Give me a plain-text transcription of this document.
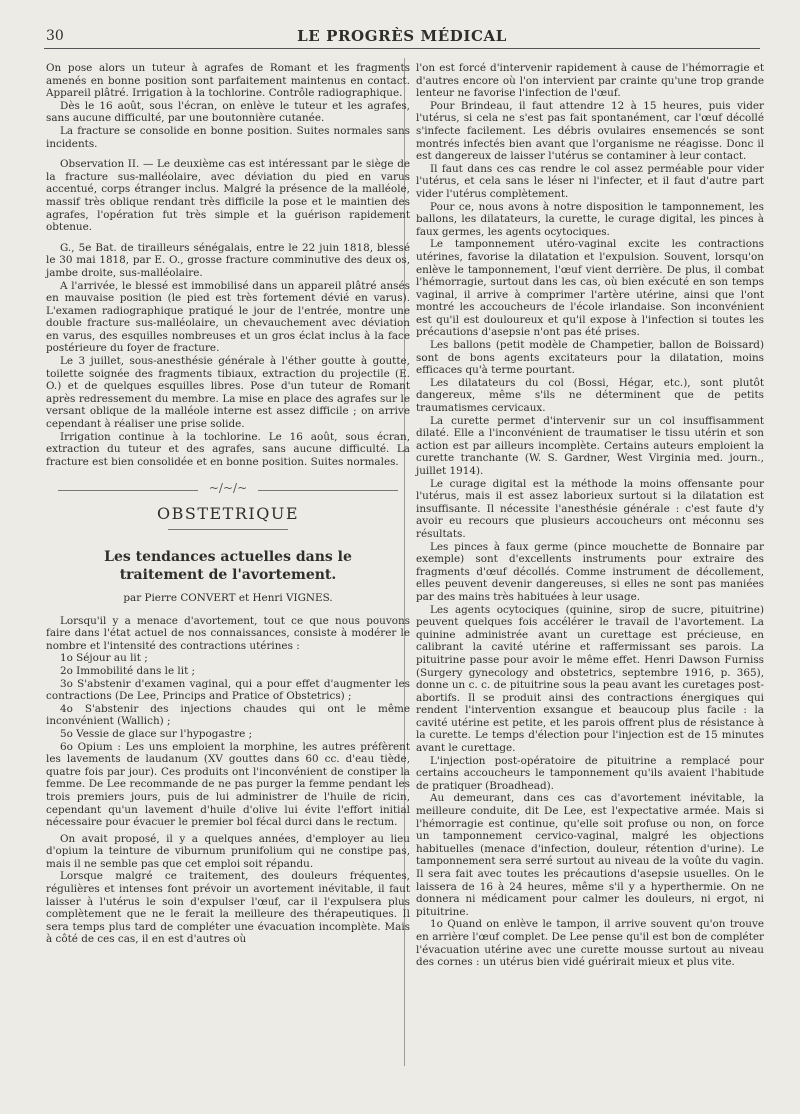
30	LE PROGRÈS MÉDICAL

On pose alors un tuteur à agrafes de Romant et les fragments amenés en bonne position sont parfaitement maintenus en contact. Appareil plâtré. Irrigation à la tochlorine. Contrôle radiographique.

Dès le 16 août, sous l'écran, on enlève le tuteur et les agrafes, sans aucune difficulté, par une boutonnière cutanée.

La fracture se consolide en bonne position. Suites normales sans incidents.

Observation II. — Le deuxième cas est intéressant par le siège de la fracture sus-malléolaire, avec déviation du pied en varus accentué, corps étranger inclus. Malgré la présence de la malléole, massif très oblique rendant très difficile la pose et le maintien des agrafes, l'opération fut très simple et la guérison rapidement obtenue.

G., 5e Bat. de tirailleurs sénégalais, entre le 22 juin 1818, blessé le 30 mai 1818, par E. O., grosse fracture comminutive des deux os, jambe droite, sus-malléolaire.

A l'arrivée, le blessé est immobilisé dans un appareil plâtré ansés en mauvaise position (le pied est très fortement dévié en varus). L'examen radiographique pratiqué le jour de l'entrée, montre une double fracture sus-malléolaire, un chevauchement avec déviation en varus, des esquilles nombreuses et un gros éclat inclus à la face postérieure du foyer de fracture.

Le 3 juillet, sous-anesthésie générale à l'éther goutte à goutte, toilette soignée des fragments tibiaux, extraction du projectile (E. O.) et de quelques esquilles libres. Pose d'un tuteur de Romant après redressement du membre. La mise en place des agrafes sur le versant oblique de la malléole interne est assez difficile ; on arrive cependant à réaliser une prise solide.

Irrigation continue à la tochlorine. Le 16 août, sous écran, extraction du tuteur et des agrafes, sans aucune difficulté. La fracture est bien consolidée et en bonne position. Suites normales.

~/~/~
OBSTETRIQUE
Les tendances actuelles dans le traitement de l'avortement.
par Pierre CONVERT et Henri VIGNES.

Lorsqu'il y a menace d'avortement, tout ce que nous pouvons faire dans l'état actuel de nos connaissances, consiste à modérer le nombre et l'intensité des contractions utérines :

1o Séjour au lit ;

2o Immobilité dans le lit ;

3o S'abstenir d'examen vaginal, qui a pour effet d'augmenter les contractions (De Lee, Princips and Pratice of Obstetrics) ;

4o S'abstenir des injections chaudes qui ont le même inconvénient (Wallich) ;

5o Vessie de glace sur l'hypogastre ;

6o Opium : Les uns emploient la morphine, les autres préfèrent les lavements de laudanum (XV gouttes dans 60 cc. d'eau tiède, quatre fois par jour). Ces produits ont l'inconvénient de constiper la femme. De Lee recommande de ne pas purger la femme pendant les trois premiers jours, puis de lui administrer de l'huile de ricin, cependant qu'un lavement d'huile d'olive lui évite l'effort initial nécessaire pour évacuer le premier bol fécal durci dans le rectum.

On avait proposé, il y a quelques années, d'employer au lieu d'opium la teinture de viburnum prunifolium qui ne constipe pas, mais il ne semble pas que cet emploi soit répandu.

Lorsque malgré ce traitement, des douleurs fréquentes, régulières et intenses font prévoir un avortement inévitable, il faut laisser à l'utérus le soin d'expulser l'œuf, car il l'expulsera plus complètement que ne le ferait la meilleure des thérapeutiques. Il sera temps plus tard de compléter une évacuation incomplète. Mais à côté de ces cas, il en est d'autres où

l'on est forcé d'intervenir rapidement à cause de l'hémorragie et d'autres encore où l'on intervient par crainte qu'une trop grande lenteur ne favorise l'infection de l'œuf.

Pour Brindeau, il faut attendre 12 à 15 heures, puis vider l'utérus, si cela ne s'est pas fait spontanément, car l'œuf décollé s'infecte facilement. Les débris ovulaires ensemencés se sont montrés infectés bien avant que l'organisme ne réagisse. Donc il est dangereux de laisser l'utérus se contaminer à leur contact.

Il faut dans ces cas rendre le col assez perméable pour vider l'utérus, et cela sans le léser ni l'infecter, et il faut d'autre part vider l'utérus complètement.

Pour ce, nous avons à notre disposition le tamponnement, les ballons, les dilatateurs, la curette, le curage digital, les pinces à faux germes, les agents ocytociques.

Le tamponnement utéro-vaginal excite les contractions utérines, favorise la dilatation et l'expulsion. Souvent, lorsqu'on enlève le tamponnement, l'œuf vient derrière. De plus, il combat l'hémorragie, surtout dans les cas, où bien exécuté en son temps vaginal, il arrive à comprimer l'artère utérine, ainsi que l'ont montré les accoucheurs de l'école irlandaise. Son inconvénient est qu'il est douloureux et qu'il expose à l'infection si toutes les précautions d'asepsie n'ont pas été prises.

Les ballons (petit modèle de Champetier, ballon de Boissard) sont de bons agents excitateurs pour la dilatation, moins efficaces qu'à terme pourtant.

Les dilatateurs du col (Bossi, Hégar, etc.), sont plutôt dangereux, même s'ils ne déterminent que de petits traumatismes cervicaux.

La curette permet d'intervenir sur un col insuffisamment dilaté. Elle a l'inconvénient de traumatiser le tissu utérin et son action est par ailleurs incomplète. Certains auteurs emploient la curette tranchante (W. S. Gardner, West Virginia med. journ., juillet 1914).

Le curage digital est la méthode la moins offensante pour l'utérus, mais il est assez laborieux surtout si la dilatation est insuffisante. Il nécessite l'anesthésie générale : c'est faute d'y avoir eu recours que plusieurs accoucheurs ont méconnu ses résultats.

Les pinces à faux germe (pince mouchette de Bonnaire par exemple) sont d'excellents instruments pour extraire des fragments d'œuf décollés. Comme instrument de décollement, elles peuvent devenir dangereuses, si elles ne sont pas maniées par des mains très habituées à leur usage.

Les agents ocytociques (quinine, sirop de sucre, pituitrine) peuvent quelques fois accélérer le travail de l'avortement. La quinine administrée avant un curettage est précieuse, en calibrant la cavité utérine et raffermissant ses parois. La pituitrine passe pour avoir le même effet. Henri Dawson Furniss (Surgery gynecology and obstetrics, septembre 1916, p. 365), donne un c. c. de pituitrine sous la peau avant les curetages post-abortifs. Il se produit ainsi des contractions énergiques qui rendent l'intervention exsangue et beaucoup plus facile : la cavité utérine est petite, et les parois offrent plus de résistance à la curette. Le temps d'élection pour l'injection est de 15 minutes avant le curettage.

L'injection post-opératoire de pituitrine a remplacé pour certains accoucheurs le tamponnement qu'ils avaient l'habitude de pratiquer (Broadhead).

Au demeurant, dans ces cas d'avortement inévitable, la meilleure conduite, dit De Lee, est l'expectative armée. Mais si l'hémorragie est continue, qu'elle soit profuse ou non, on force un tamponnement cervico-vaginal, malgré les objections habituelles (menace d'infection, douleur, rétention d'urine). Le tamponnement sera serré surtout au niveau de la voûte du vagin. Il sera fait avec toutes les précautions d'asepsie usuelles. On le laissera de 16 à 24 heures, même s'il y a hyperthermie. On ne donnera ni médicament pour calmer les douleurs, ni ergot, ni pituitrine.

1o Quand on enlève le tampon, il arrive souvent qu'on trouve en arrière l'œuf complet. De Lee pense qu'il est bon de compléter l'évacuation utérine avec une curette mousse surtout au niveau des cornes : un utérus bien vidé guérirait mieux et plus vite.
